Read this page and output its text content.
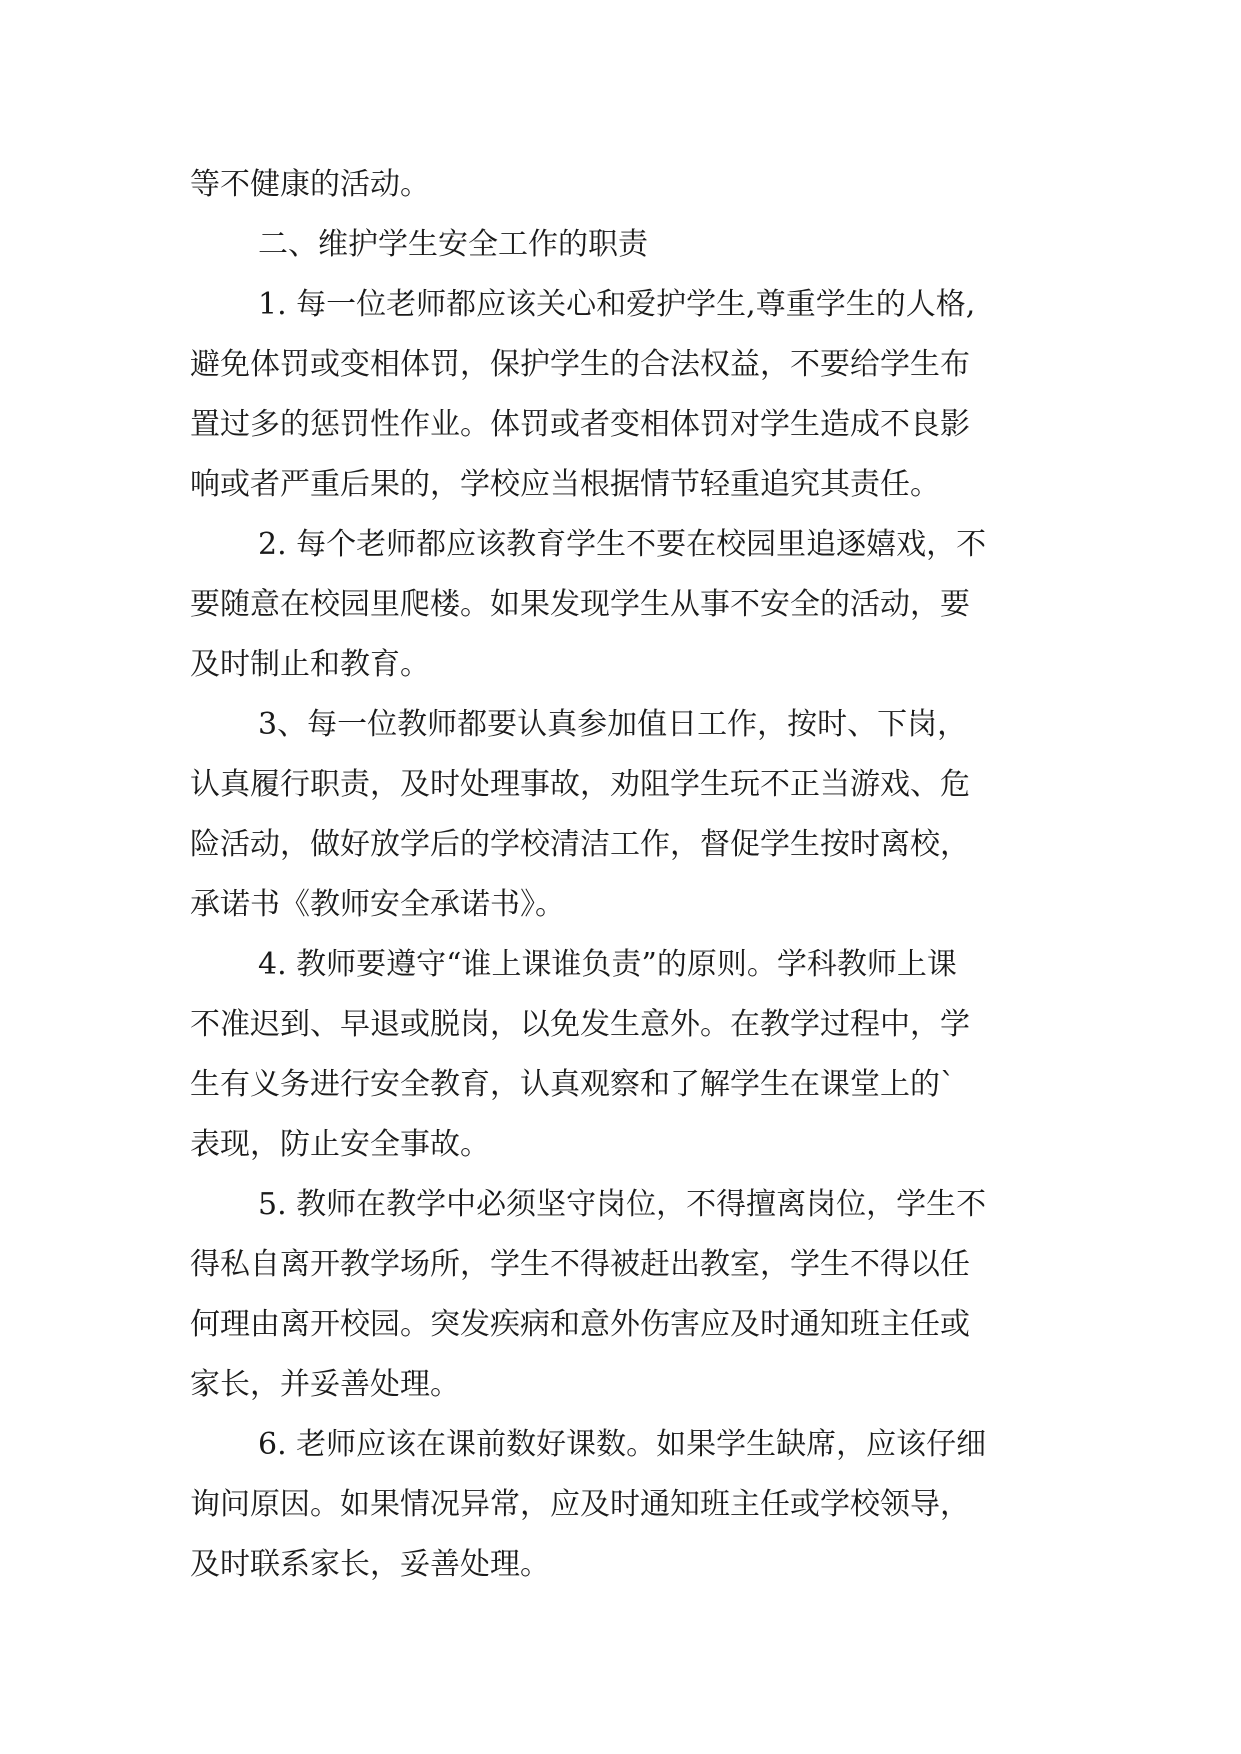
等不健康的活动。
二、维护学生安全工作的职责
1. 每一位老师都应该关心和爱护学生,尊重学生的人格,
避免体罚或变相体罚，保护学生的合法权益，不要给学生布
置过多的惩罚性作业。体罚或者变相体罚对学生造成不良影
响或者严重后果的，学校应当根据情节轻重追究其责任。
2. 每个老师都应该教育学生不要在校园里追逐嬉戏，不
要随意在校园里爬楼。如果发现学生从事不安全的活动，要
及时制止和教育。
3、每一位教师都要认真参加值日工作，按时、下岗，
认真履行职责，及时处理事故，劝阻学生玩不正当游戏、危
险活动，做好放学后的学校清洁工作，督促学生按时离校，
承诺书《教师安全承诺书》。
4. 教师要遵守“谁上课谁负责”的原则。学科教师上课
不准迟到、早退或脱岗，以免发生意外。在教学过程中，学
生有义务进行安全教育，认真观察和了解学生在课堂上的`
表现，防止安全事故。
5. 教师在教学中必须坚守岗位，不得擅离岗位，学生不
得私自离开教学场所，学生不得被赶出教室，学生不得以任
何理由离开校园。突发疾病和意外伤害应及时通知班主任或
家长，并妥善处理。
6. 老师应该在课前数好课数。如果学生缺席，应该仔细
询问原因。如果情况异常，应及时通知班主任或学校领导，
及时联系家长，妥善处理。
